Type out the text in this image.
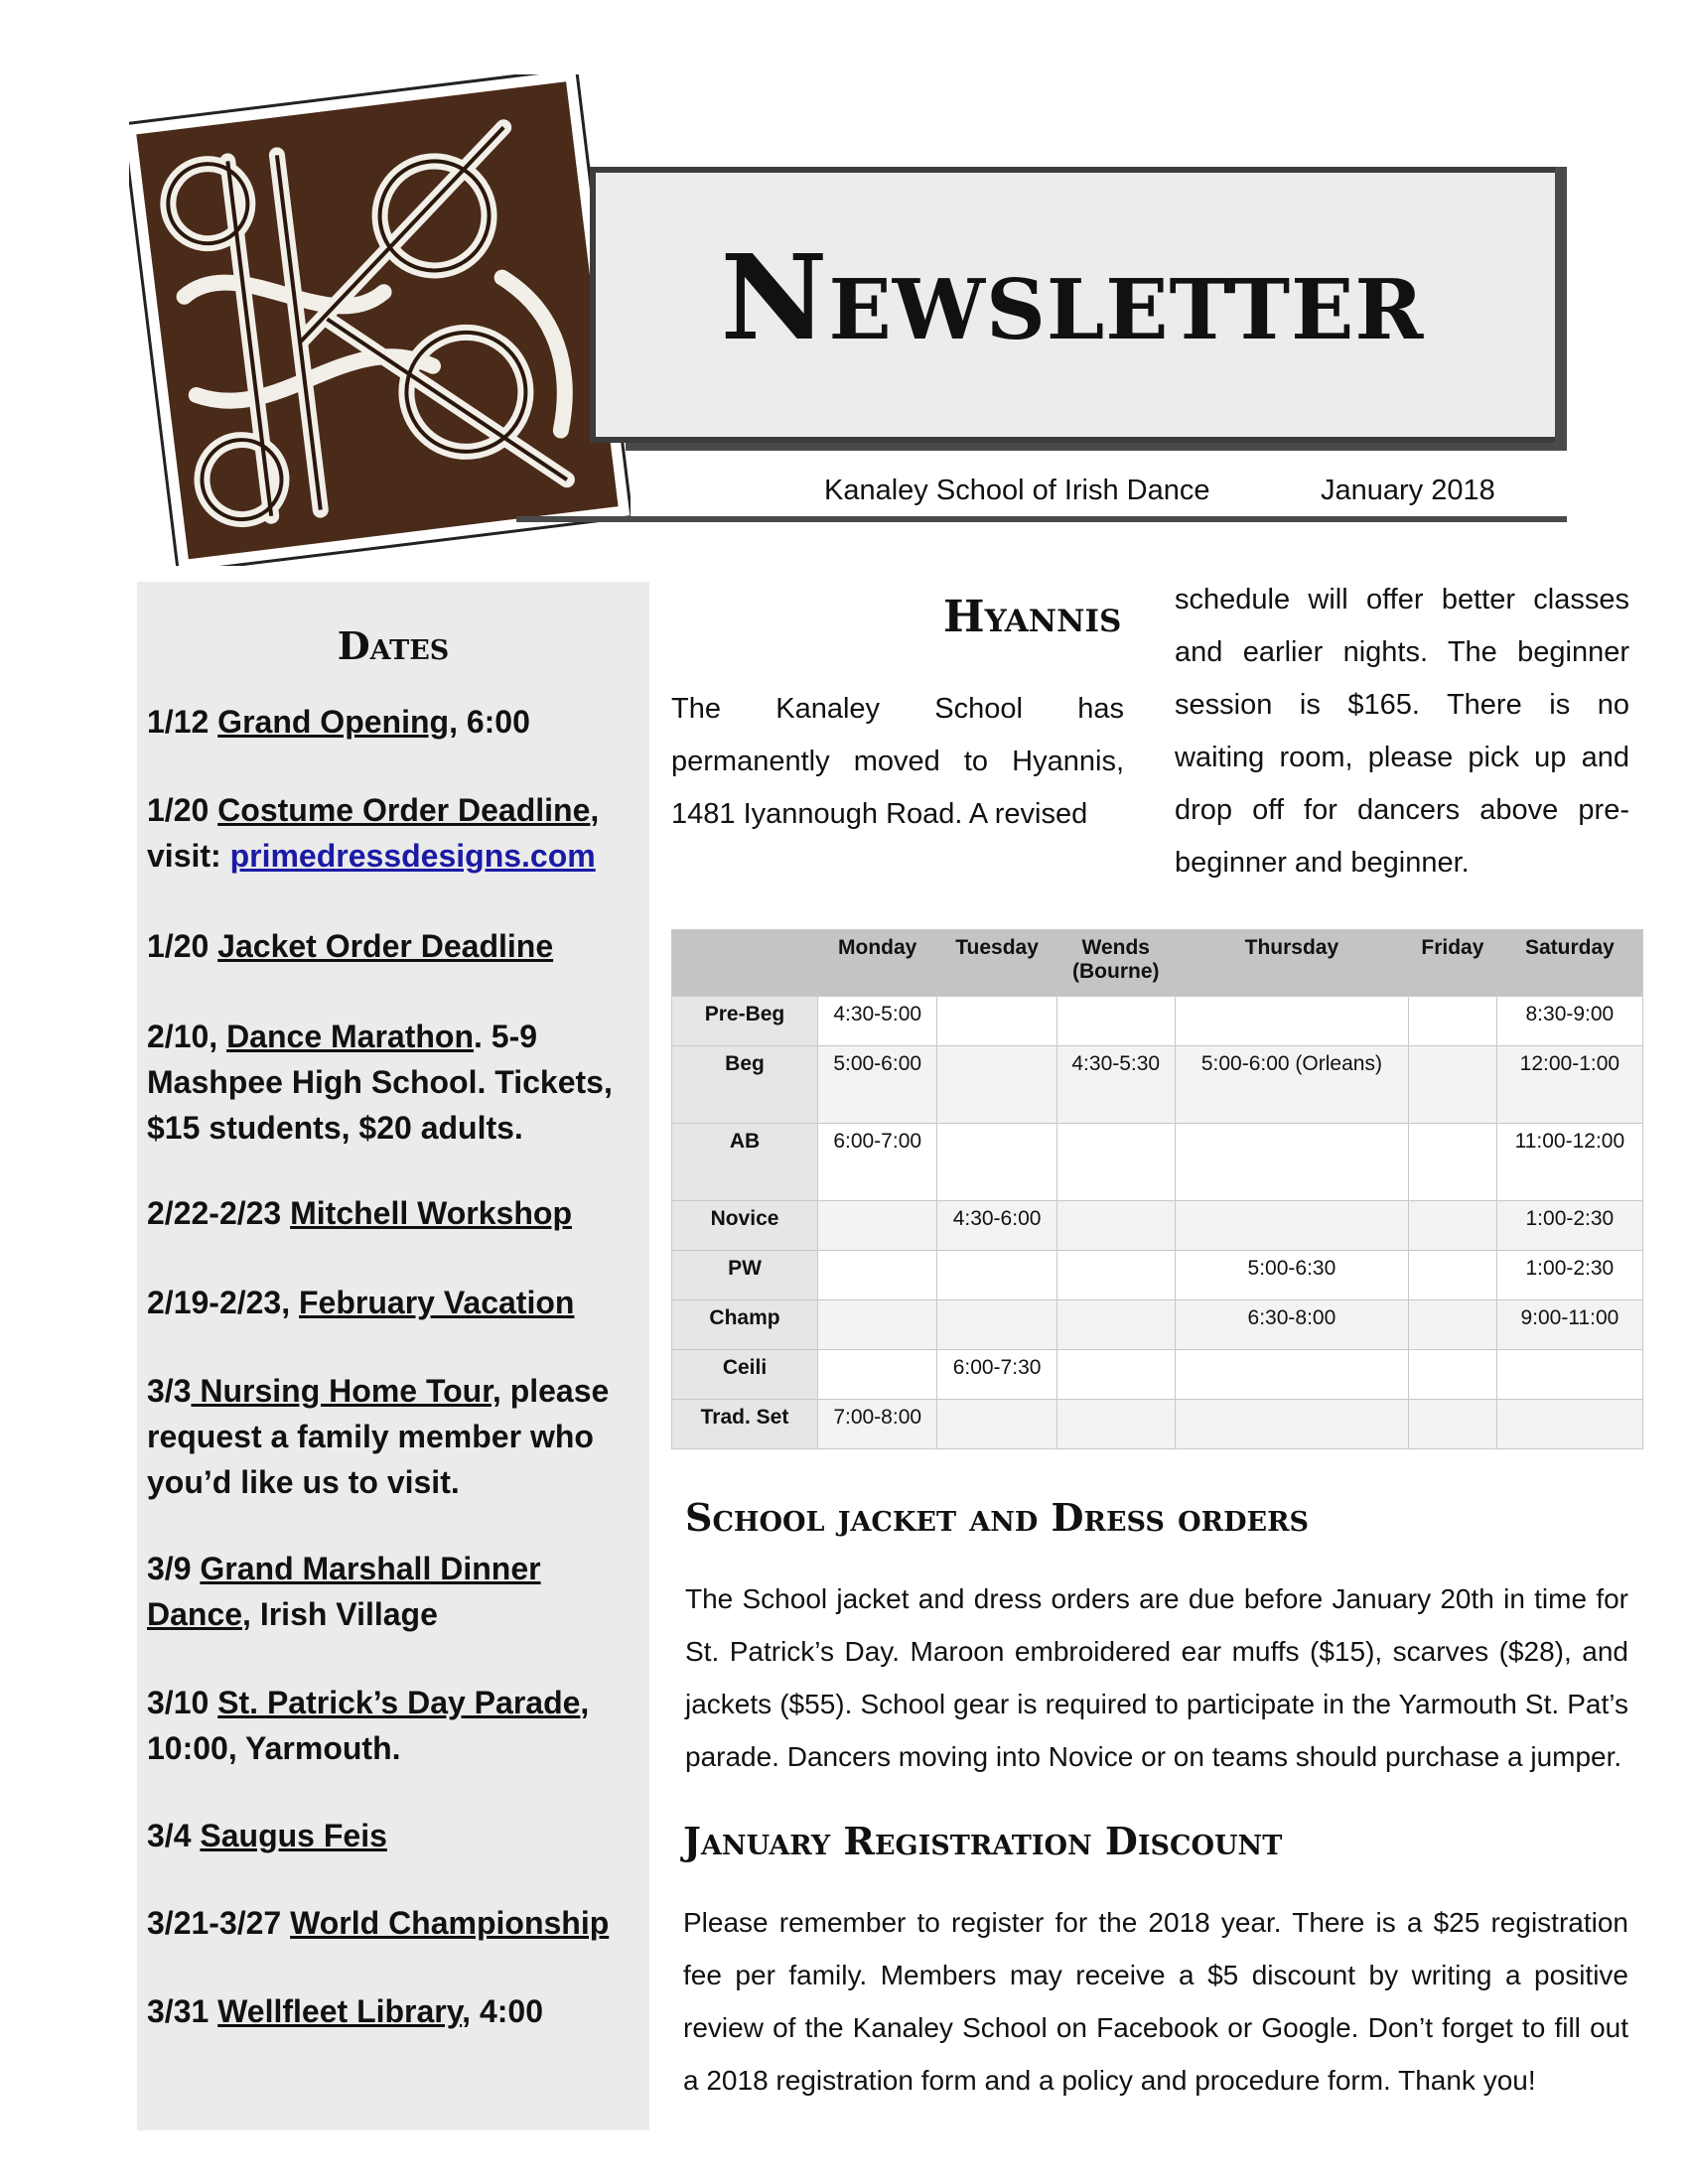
Newsletter
Kanaley School of Irish Dance	January 2018
Dates
1/12 Grand Opening, 6:00
1/20 Costume Order Deadline, visit: primedressdesigns.com
1/20 Jacket Order Deadline
2/10, Dance Marathon. 5-9 Mashpee High School. Tickets, $15 students, $20 adults.
2/22-2/23 Mitchell Workshop
2/19-2/23, February Vacation
3/3 Nursing Home Tour, please request a family member who you’d like us to visit.
3/9 Grand Marshall Dinner Dance, Irish Village
3/10 St. Patrick’s Day Parade, 10:00, Yarmouth.
3/4 Saugus Feis
3/21-3/27 World Championship
3/31 Wellfleet Library, 4:00
Hyannis
The Kanaley School has permanently moved to Hyannis, 1481 Iyannough Road. A revised
schedule will offer better classes and earlier nights. The beginner session is $165. There is no waiting room, please pick up and drop off for dancers above pre-beginner and beginner.
	Monday	Tuesday	Wends (Bourne)	Thursday	Friday	Saturday
Pre-Beg	4:30-5:00					8:30-9:00
Beg	5:00-6:00		4:30-5:30	5:00-6:00 (Orleans)		12:00-1:00
AB	6:00-7:00					11:00-12:00
Novice		4:30-6:00				1:00-2:30
PW				5:00-6:30		1:00-2:30
Champ				6:30-8:00		9:00-11:00
Ceili		6:00-7:30				
Trad. Set	7:00-8:00					
School jacket and Dress orders
The School jacket and dress orders are due before January 20th in time for St. Patrick’s Day. Maroon embroidered ear muffs ($15), scarves ($28), and jackets ($55). School gear is required to participate in the Yarmouth St. Pat’s parade. Dancers moving into Novice or on teams should purchase a jumper.
January Registration Discount
Please remember to register for the 2018 year. There is a $25 registration fee per family. Members may receive a $5 discount by writing a positive review of the Kanaley School on Facebook or Google. Don’t forget to fill out a 2018 registration form and a policy and procedure form. Thank you!
